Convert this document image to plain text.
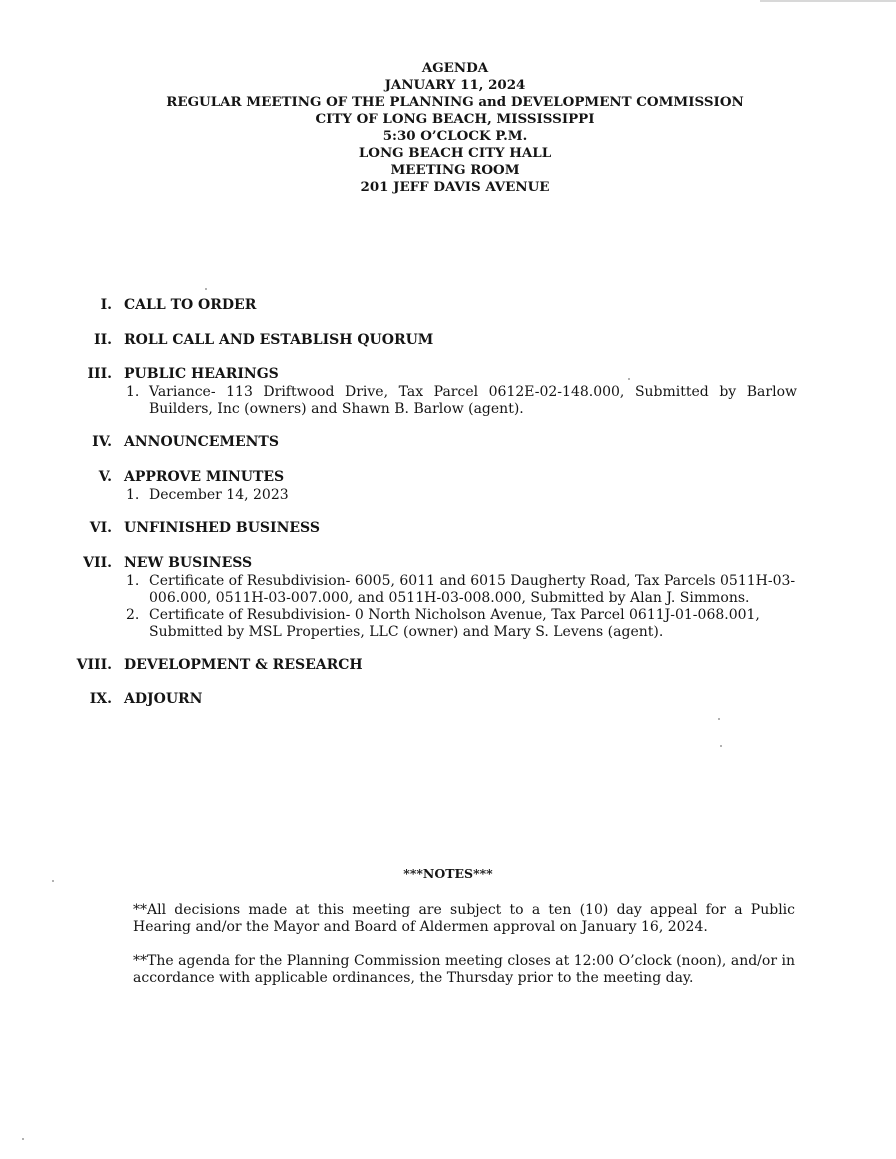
AGENDA
JANUARY 11, 2024
REGULAR MEETING OF THE PLANNING and DEVELOPMENT COMMISSION
CITY OF LONG BEACH, MISSISSIPPI
5:30 O’CLOCK P.M.
LONG BEACH CITY HALL
MEETING ROOM
201 JEFF DAVIS AVENUE
I. CALL TO ORDER
II. ROLL CALL AND ESTABLISH QUORUM
III. PUBLIC HEARINGS
1. Variance- 113 Driftwood Drive, Tax Parcel 0612E-02-148.000, Submitted by Barlow Builders, Inc (owners) and Shawn B. Barlow (agent).
IV. ANNOUNCEMENTS
V. APPROVE MINUTES
1. December 14, 2023
VI. UNFINISHED BUSINESS
VII. NEW BUSINESS
1. Certificate of Resubdivision- 6005, 6011 and 6015 Daugherty Road, Tax Parcels 0511H-03-006.000, 0511H-03-007.000, and 0511H-03-008.000, Submitted by Alan J. Simmons.
2. Certificate of Resubdivision- 0 North Nicholson Avenue, Tax Parcel 0611J-01-068.001, Submitted by MSL Properties, LLC (owner) and Mary S. Levens (agent).
VIII. DEVELOPMENT & RESEARCH
IX. ADJOURN
***NOTES***
**All decisions made at this meeting are subject to a ten (10) day appeal for a Public Hearing and/or the Mayor and Board of Aldermen approval on January 16, 2024.
**The agenda for the Planning Commission meeting closes at 12:00 O’clock (noon), and/or in accordance with applicable ordinances, the Thursday prior to the meeting day.
